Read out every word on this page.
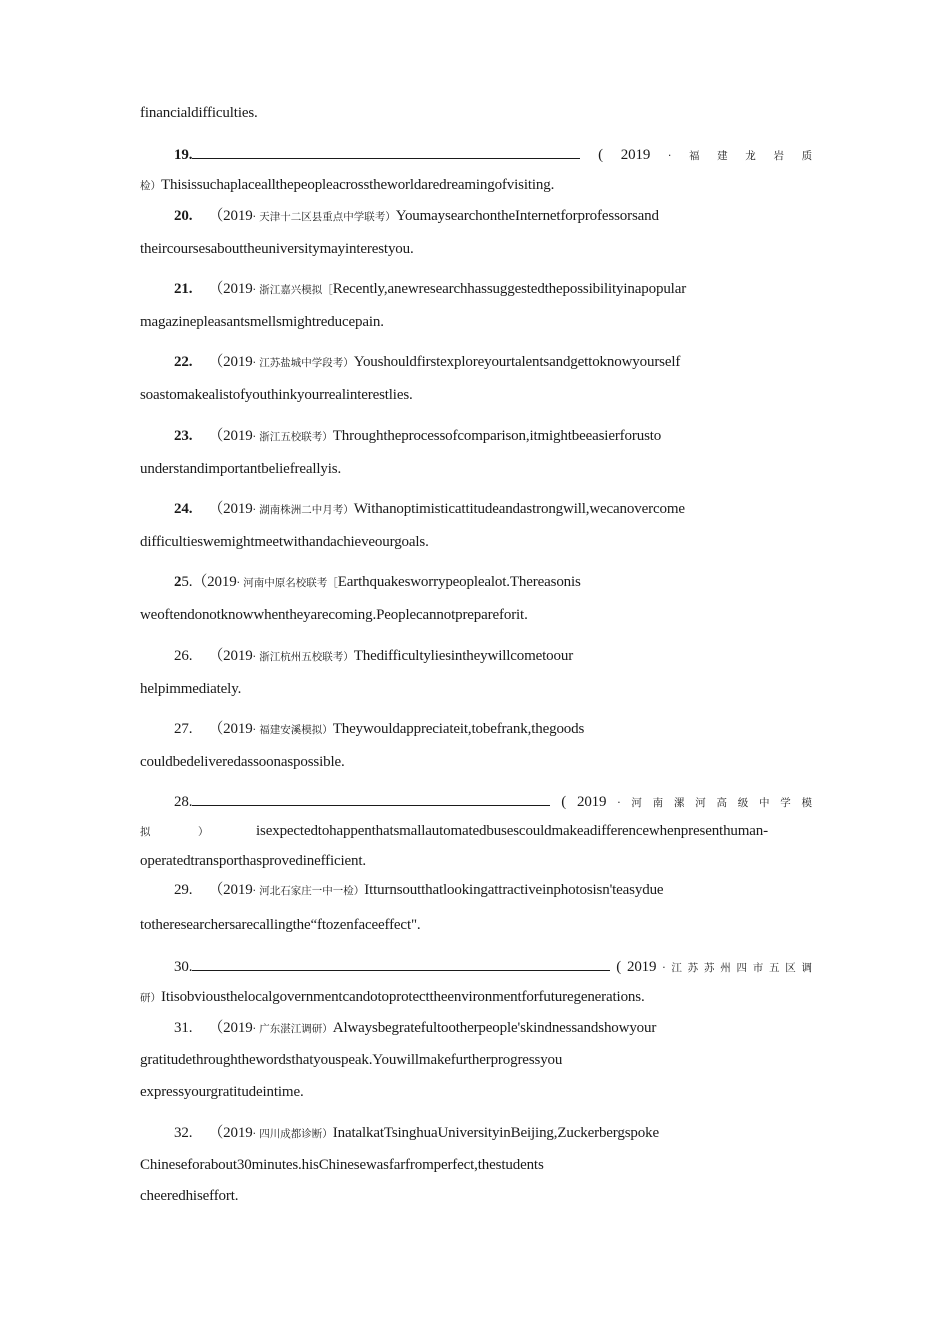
financialdifficulties.
19.	( 2019 · 福 建 龙 岩 质
检）Thisissuchaplaceallthepeopleacrosstheworldaredreamingofvisiting.
20. （2019· 天津十二区县重点中学联考）YoumaysearchontheInternetforprofessorsand
theircoursesabouttheuniversitymayinterestyou.
21. （2019· 浙江嘉兴模拟［Recently,anewresearchhassuggestedthepossibilityinapopular
magazinepleasantsmellsmightreducepain.
22. （2019· 江苏盐城中学段考）Youshouldfirstexploreyourtalentsandgettoknowyourself
soastomakealistofyouthinkyourrealinterestlies.
23. （2019· 浙江五校联考）Throughtheprocessofcomparison,itmightbeeasierforusto
understandimportantbeliefreallyis.
24. （2019· 湖南株洲二中月考）Withanoptimisticattitudeandastrongwill,wecanovercome
difficultieswemightmeetwithandachieveourgoals.
25.（2019· 河南中原名校联考［Earthquakesworrypeoplealot.Thereasonis
weoftendonotknowwhentheyarecoming.Peoplecannotprepareforit.
26. （2019· 浙江杭州五校联考）Thedifficultyliesintheywillcometoour
helpimmediately.
27. （2019· 福建安溪模拟）Theywouldappreciateit,tobefrank,thegoods
couldbedeliveredassoonaspossible.
28.	( 2019 · 河 南 漯 河 高 级 中 学 模
拟	）	isexpectedtohappenthatsmallautomatedbusescouldmakeadifferencewhenpresenthuman-
operatedtransporthasprovedinefficient.
29. （2019· 河北石家庄一中一检）Itturnsoutthatlookingattractiveinphotosisn'teasydue
totheresearchersarecallingthe“ftozenfaceeffect".
30.	( 2019 · 江 苏 苏 州 四 市 五 区 调
研）Itisobviousthelocalgovernmentcandotoprotecttheenvironmentforfuturegenerations.
31. （2019· 广东湛江调研）Alwaysbegratefultootherpeople'skindnessandshowyour
gratitudethroughthewordsthatyouspeak.Youwillmakefurtherprogressyou
expressyourgratitudeintime.
32. （2019· 四川成都诊断）InatalkatTsinghuaUniversityinBeijing,Zuckerbergspoke
Chineseforabout30minutes.hisChinesewasfarfromperfect,thestudents
cheeredhiseffort.
